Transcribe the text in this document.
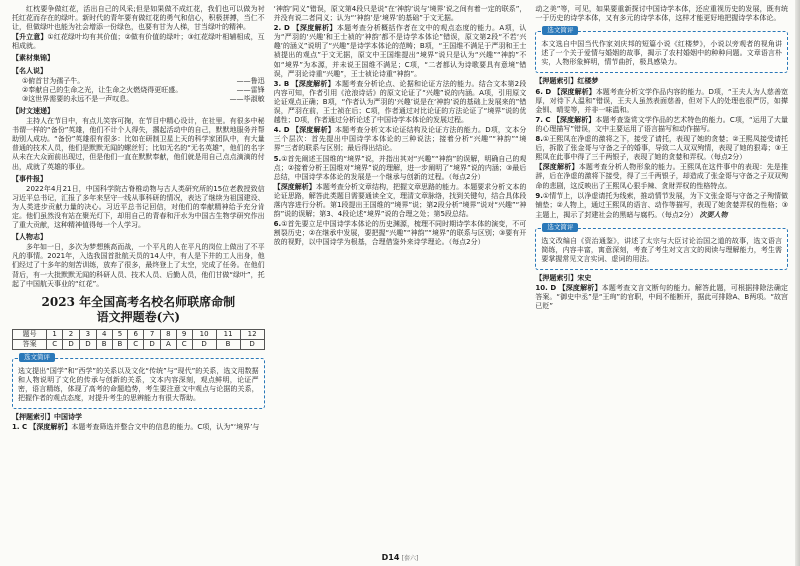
红枕要争做红花，活出自己的风采;但是如果做不成红花，我们也可以做为衬托红花而存在的绿叶。新时代的青年要有做红花的勇气和信心，积极拼搏，当仁不让，但做绿叶也能为社会增添一份绿色，也要有甘为人梯，甘当绿叶的精神。

【升立意】①红花绿叶均有其价值；②做有价值的绿叶；③红花绿叶相辅相成，互相成就。

【素材集锦】

【名人说】

①俯首甘为孺子牛。	——鲁迅
②奉献自己的生命之光，让生命之火燃烧得更旺盛。	——雷锋
③这世界需要的永远不是一声叹息。	——毕淑敏

【时文速递】

主持人在节目中，有点儿笑容可掬，在节目中精心设计，在社里。有很多中秘书谓一样的“备份”英雄，他们不计个人得失，撂起活动中的自己，默默地服务并帮助别人成功。“备份”英雄很有很多：比如在研制卫星上天的科学家团队中，有大量普通的技术人员，他们是默默无闻的螺丝钉；比如无名的“无名英雄”，他们的名字从未在大众面前出现过，但是他们一直在默默奉献，他们就是用自己点点滴滴的付出，成就了英雄的事业。

【事件报】

2022年4月21日，中国科学院古脊椎动物与古人类研究所的15位老教授致信习近平总书记，汇报了多年来坚守一线从事科研的情况，表达了继续为祖国建设、为人类进步贡献力量的决心。习近平总书记回信，对他们的奉献精神给予充分肯定。他们虽然没有站在聚光灯下，却用自己的青春和汗水为中国古生物学研究作出了重大贡献，这种精神值得每一个人学习。

【人物志】

多年如一日，多次为梦想熊高而战，一个平凡的人在平凡的岗位上做出了不平凡的事情。2021年，入选我国首批航天员的14人中，有人是下井的工人出身，他们经过了十多年的刻苦训练，放弃了很多，最终登上了太空，完成了任务。在他们背后，有一大批默默无闻的科研人员、技术人员、后勤人员，他们甘做“绿叶”，托起了中国航天事业的“红花”。

2023 年全国高考名校名师联席命制
语文押题卷(六)
题号	1	2	3	4	5	6	7	8	9	10	11	12
答案	C	D	D	B	B	C	D	A	C	D	B	D
选文简评

选文提出“国学”和“西学”的关系以及文化“传统”与“现代”的关系，选文用数据和人物说明了文化的传承与创新的关系，文本内容深刻，观点鲜明，论证严密，语言精练，体现了高考的命题趋势，考生要注意文中观点与论据的关系，把握作者的观点态度，对提升考生的思辨能力有很大帮助。

【押题索引】中国诗学

1. C 【深度解析】本题考查筛选并整合文中的信息的能力。C项，认为“‘境界’与

‘神韵’同义”错误，原文第4段只是说“在‘神韵’说与‘境界’说之间有着一定的联系”，并没有说二者同义；认为“‘神韵’是‘境界’的基础”于文无据。

2. D 【深度解析】本题考查分析概括作者在文中的观点态度的能力。A项，认为“严羽的‘兴趣’和王士祯的‘神韵’都不是诗学本体论”错误，原文第2段“不若‘兴趣’的涵义”说明了“兴趣”是诗学本体论的范畴；B项，“王国维不满足于严羽和王士祯提出的观点”于文无据，原文中王国维提出“境界”说只是认为“兴趣”“神韵”不如“境界”为本源，并未说王国维不满足；C项，“二者都认为诗歌要具有意境”错误，严羽论诗重“兴趣”，王士祯论诗重“神韵”。

3. B 【深度解析】本题考查分析论点、论据和论证方法的能力。结合文本第2段内容可知，作者引用《沧浪诗话》的原文论证了“兴趣”说的内涵。A项，引用原文论证观点正确；B项，“作者认为严羽的‘兴趣’说是在‘神韵’说的基础上发展来的”错误，严羽在前，王士祯在后；C项，作者通过对比论证的方法论证了“境界”说的优越性；D项，作者通过分析论述了中国诗学本体论的发展过程。

4. D 【深度解析】本题考查分析文本论证结构及论证方法的能力。D项，文本分三个层次：首先提出中国诗学本体论的三种说法；接着分析“兴趣”“神韵”“境界”三者的联系与区别；最后得出结论。

5.①首先阐述王国维的“境界”说，并指出其对“兴趣”“神韵”的误解，明确自己的观点；②接着分析王国维对“境界”说的理解，进一步阐明了“境界”说的内涵；③最后总结，中国诗学本体论的发展是一个继承与创新的过程。（每点2分）

【深度解析】本题考查分析文章结构，把握文章思路的能力。本题要求分析文本的论证思路，解答此类题目需要通读全文，理清文章脉络，找到关键句，结合具体段落内容进行分析。第1段提出王国维的“境界”说；第2段分析“境界”说对“兴趣”“神韵”说的误解；第3、4段论述“境界”说的合理之处；第5段总结。

6.①首先要立足中国诗学本体论的历史渊源，梳理不同时期诗学本体的演变，不可割裂历史；②在继承中发展，要把握“兴趣”“神韵”“境界”的联系与区别；③要有开放的视野，以中国诗学为根基，合理借鉴外来诗学理论。（每点2分）

动之美”等，可见，如果要重新探讨中国诗学本体，还应重视历史的发展，既有统一于历史的诗学本体，又有多元的诗学本体，这样才能更好地把握诗学本体论。

选文简评

本文选自中国当代作家刘庆邦的短篇小说《红楼梦》，小说以旁观者的视角讲述了一个关于爱情与婚姻的故事，揭示了农村婚姻中的种种问题。文章语言朴实，人物形象鲜明，情节曲折，极具感染力。

【押题索引】红楼梦

6. D 【深度解析】本题考查分析文学作品内容的能力。D项，“王夫人为人慈善宽厚，对待下人温和”错误，王夫人虽然表面慈善，但对下人的处理也很严厉，如撵金钏、晴雯等，并非一味温和。

7. C 【深度解析】本题考查鉴赏文学作品的艺术特色的能力。C项，“运用了大量的心理描写”错误，文中主要运用了语言描写和动作描写。

8.①王熙凤在净虚的激将之下，接受了请托，表现了她的贪婪；②王熙凤接受请托后，拆散了张金哥与守备之子的婚事，导致二人双双殉情，表现了她的狠毒；③王熙凤在此事中得了三千两银子，表现了她的贪婪和弄权。（每点2分）

【深度解析】本题考查分析人物形象的能力。王熙凤在这件事中的表现：先是推辞，后在净虚的激将下接受，得了三千两银子，却造成了张金哥与守备之子双双殉命的悲剧，这反映出了王熙凤心狠手辣、贪财弄权的性格特点。

9.①情节上，以净虚请托为线索，推动情节发展，为下文张金哥与守备之子殉情做铺垫；②人物上，通过王熙凤的语言、动作等描写，表现了她贪婪弄权的性格；③主题上，揭示了封建社会的黑暗与腐朽。（每点2分） 次要人物

选文简评

选文改编自《资治通鉴》，讲述了太宗与大臣讨论治国之道的故事，选文语言简练，内容丰富，寓意深刻，考查了考生对文言文的阅读与理解能力，考生需要掌握常见文言实词、虚词的用法。

【押题索引】宋史

10. D 【深度解析】本题考查文言文断句的能力。解答此题，可根据排除法确定答案。“御史中丞”是“王珣”的官职，中间不能断开，据此可排除A、B两项。“故宫已贬”

D14 [套六]
